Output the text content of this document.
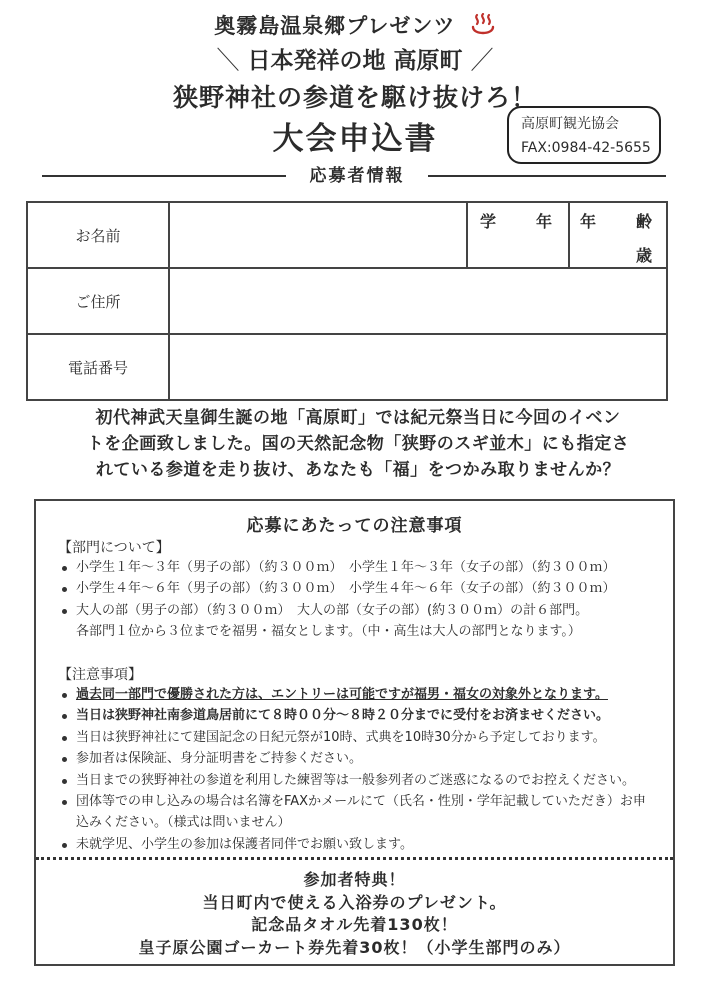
奥霧島温泉郷プレゼンツ
＼ 日本発祥の地 高原町 ／
狭野神社の参道を駆け抜けろ！
大会申込書	高原町観光協会
FAX:0984-42-5655
応募者情報
お名前		学 年	年 齢
歳

ご住所			
電話番号			
初代神武天皇御生誕の地「高原町」では紀元祭当日に今回のイベン
トを企画致しました。国の天然記念物「狭野のスギ並木」にも指定さ
れている参道を走り抜け、あなたも「福」をつかみ取りませんか？
応募にあたっての注意事項
【部門について】
小学生１年～３年（男子の部）（約３００ｍ）　小学生１年～３年（女子の部）（約３００ｍ）
小学生４年～６年（男子の部）（約３００ｍ）　小学生４年～６年（女子の部）（約３００ｍ）
大人の部（男子の部）（約３００ｍ）　大人の部（女子の部）(約３００ｍ）の計６部門。
各部門１位から３位までを福男・福女とします。（中・高生は大人の部門となります。）
【注意事項】
過去同一部門で優勝された方は、エントリーは可能ですが福男・福女の対象外となります。
当日は狭野神社南参道鳥居前にて８時００分～８時２０分までに受付をお済ませください。
当日は狭野神社にて建国記念の日紀元祭が10時、式典を10時30分から予定しております。
参加者は保険証、身分証明書をご持参ください。
当日までの狭野神社の参道を利用した練習等は一般参列者のご迷惑になるのでお控えください。
団体等での申し込みの場合は名簿をFAXかメールにて（氏名・性別・学年記載していただき）お申
込みください。（様式は問いません）
未就学児、小学生の参加は保護者同伴でお願い致します。
参加者特典！
当日町内で使える入浴券のプレゼント。
記念品タオル先着130枚！
皇子原公園ゴーカート券先着30枚！（小学生部門のみ）
